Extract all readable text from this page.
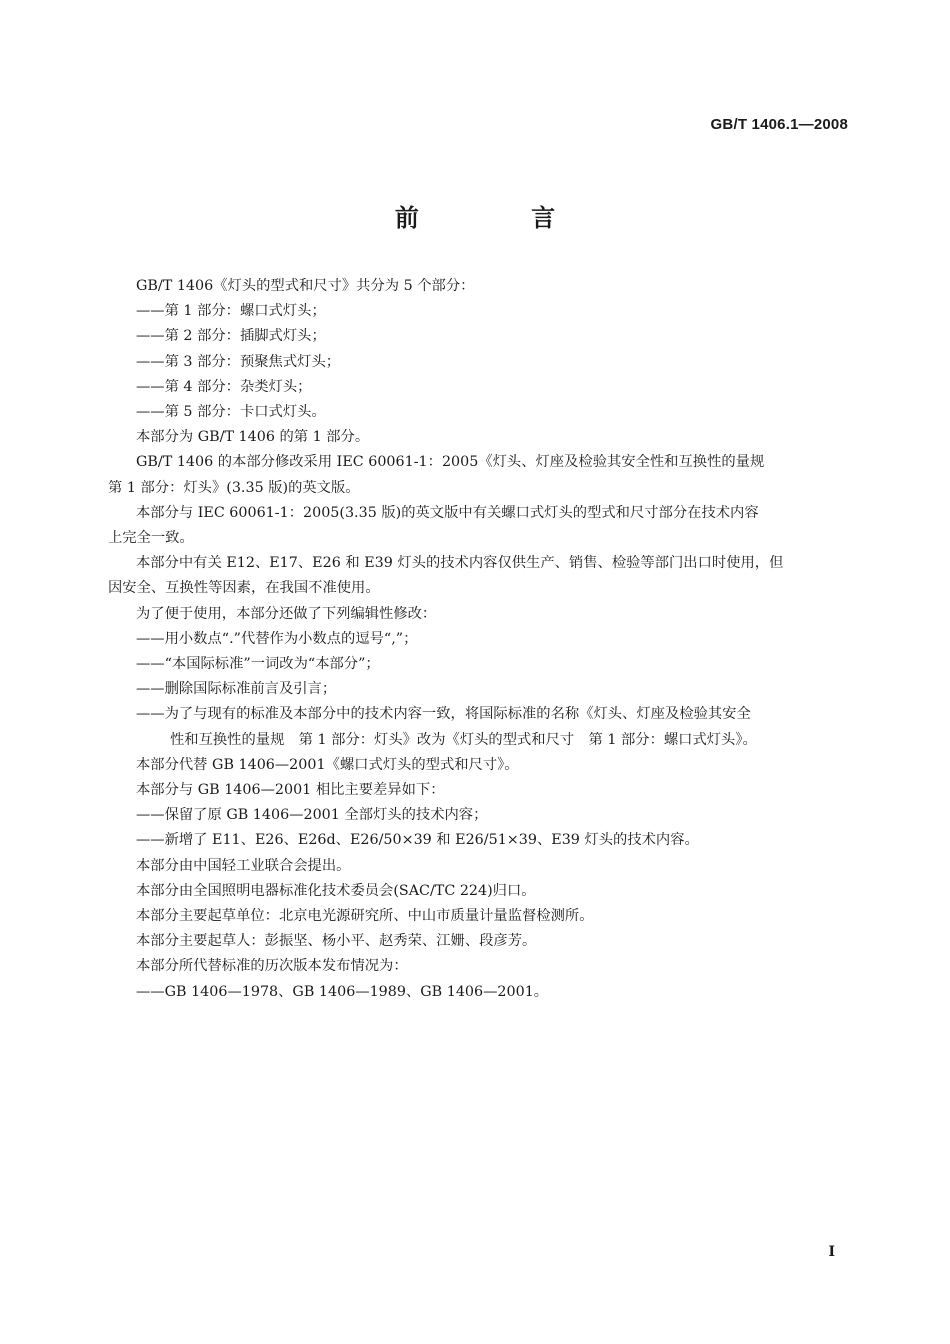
GB/T 1406.1—2008
前 言
GB/T 1406《灯头的型式和尺寸》共分为 5 个部分：
——第 1 部分：螺口式灯头；
——第 2 部分：插脚式灯头；
——第 3 部分：预聚焦式灯头；
——第 4 部分：杂类灯头；
——第 5 部分：卡口式灯头。
本部分为 GB/T 1406 的第 1 部分。
GB/T 1406 的本部分修改采用 IEC 60061-1：2005《灯头、灯座及检验其安全性和互换性的量规
第 1 部分：灯头》(3.35 版)的英文版。
本部分与 IEC 60061-1：2005(3.35 版)的英文版中有关螺口式灯头的型式和尺寸部分在技术内容
上完全一致。
本部分中有关 E12、E17、E26 和 E39 灯头的技术内容仅供生产、销售、检验等部门出口时使用，但
因安全、互换性等因素，在我国不准使用。
为了便于使用，本部分还做了下列编辑性修改：
——用小数点“.”代替作为小数点的逗号“,”；
——“本国际标准”一词改为“本部分”；
——删除国际标准前言及引言；
——为了与现有的标准及本部分中的技术内容一致，将国际标准的名称《灯头、灯座及检验其安全
性和互换性的量规　第 1 部分：灯头》改为《灯头的型式和尺寸　第 1 部分：螺口式灯头》。
本部分代替 GB 1406—2001《螺口式灯头的型式和尺寸》。
本部分与 GB 1406—2001 相比主要差异如下：
——保留了原 GB 1406—2001 全部灯头的技术内容；
——新增了 E11、E26、E26d、E26/50×39 和 E26/51×39、E39 灯头的技术内容。
本部分由中国轻工业联合会提出。
本部分由全国照明电器标准化技术委员会(SAC/TC 224)归口。
本部分主要起草单位：北京电光源研究所、中山市质量计量监督检测所。
本部分主要起草人：彭振坚、杨小平、赵秀荣、江姗、段彦芳。
本部分所代替标准的历次版本发布情况为：
——GB 1406—1978、GB 1406—1989、GB 1406—2001。
I
